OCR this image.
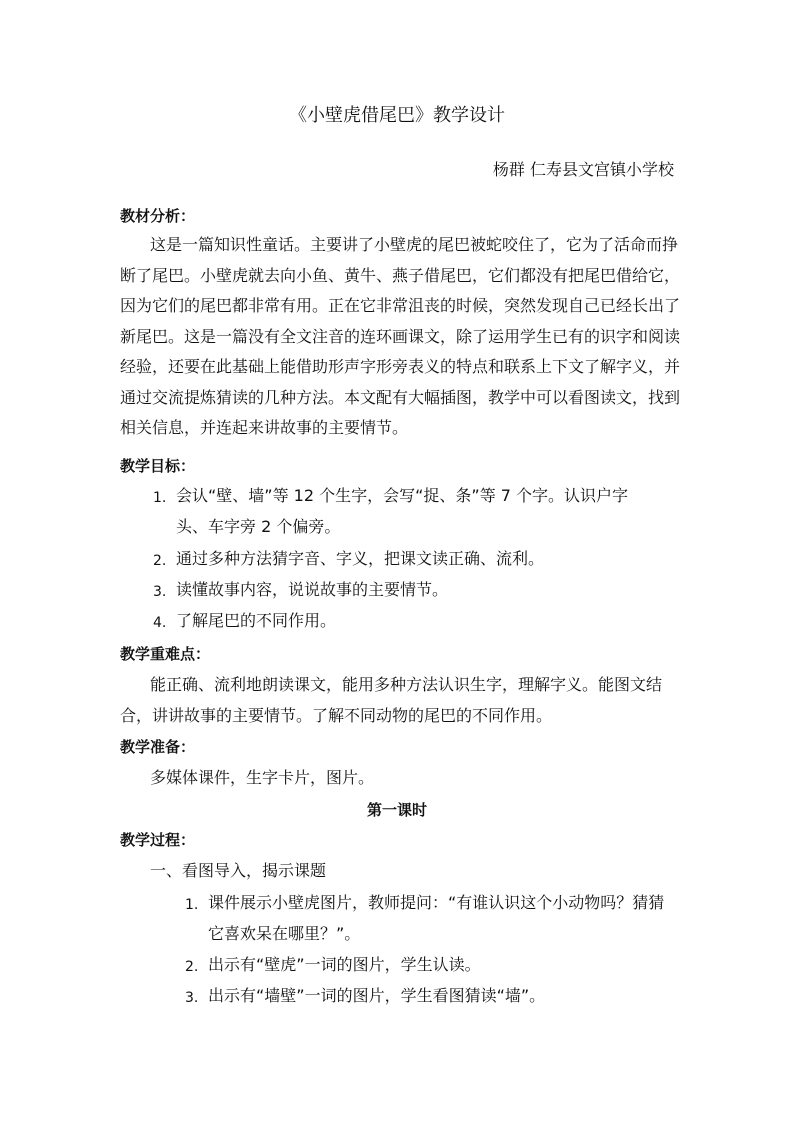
《小壁虎借尾巴》教学设计
杨群 仁寿县文宫镇小学校
教材分析：
这是一篇知识性童话。主要讲了小壁虎的尾巴被蛇咬住了，它为了活命而挣
断了尾巴。小壁虎就去向小鱼、黄牛、燕子借尾巴，它们都没有把尾巴借给它，
因为它们的尾巴都非常有用。正在它非常沮丧的时候，突然发现自己已经长出了
新尾巴。这是一篇没有全文注音的连环画课文，除了运用学生已有的识字和阅读
经验，还要在此基础上能借助形声字形旁表义的特点和联系上下文了解字义，并
通过交流提炼猜读的几种方法。本文配有大幅插图，教学中可以看图读文，找到
相关信息，并连起来讲故事的主要情节。
教学目标：
1. 会认“壁、墙”等 12 个生字，会写“捉、条”等 7 个字。认识户字
头、车字旁 2 个偏旁。
2. 通过多种方法猜字音、字义，把课文读正确、流利。
3. 读懂故事内容，说说故事的主要情节。
4. 了解尾巴的不同作用。
教学重难点：
能正确、流利地朗读课文，能用多种方法认识生字，理解字义。能图文结
合，讲讲故事的主要情节。了解不同动物的尾巴的不同作用。
教学准备：
多媒体课件，生字卡片，图片。
第一课时
教学过程：
一、看图导入，揭示课题
1. 课件展示小壁虎图片，教师提问：“有谁认识这个小动物吗？猜猜
它喜欢呆在哪里？”。
2. 出示有“壁虎”一词的图片，学生认读。
3. 出示有“墙壁”一词的图片，学生看图猜读“墙”。
